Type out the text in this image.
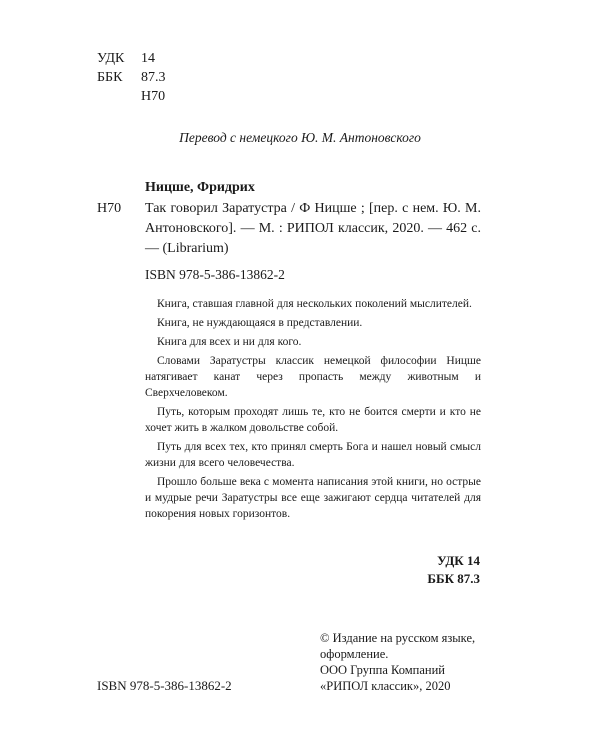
УДК 14
ББК 87.3
Н70
Перевод с немецкого Ю. М. Антоновского
Ницше, Фридрих
Н70 Так говорил Заратустра / Ф Ницше ; [пер. с нем. Ю. М. Антоновского]. — М. : РИПОЛ классик, 2020. — 462 с. — (Librarium)

ISBN 978-5-386-13862-2

Книга, ставшая главной для нескольких поколений мыслителей.

Книга, не нуждающаяся в представлении.

Книга для всех и ни для кого.

Словами Заратустры классик немецкой философии Ницше натягивает канат через пропасть между животным и Сверхчеловеком.

Путь, которым проходят лишь те, кто не боится смерти и кто не хочет жить в жалком довольстве собой.

Путь для всех тех, кто принял смерть Бога и нашел новый смысл жизни для всего человечества.

Прошло больше века с момента написания этой книги, но острые и мудрые речи Заратустры все еще зажигают сердца читателей для покорения новых горизонтов.

УДК 14
ББК 87.3
ISBN 978-5-386-13862-2

© Издание на русском языке, оформление.

ООО Группа Компаний «РИПОЛ классик», 2020
